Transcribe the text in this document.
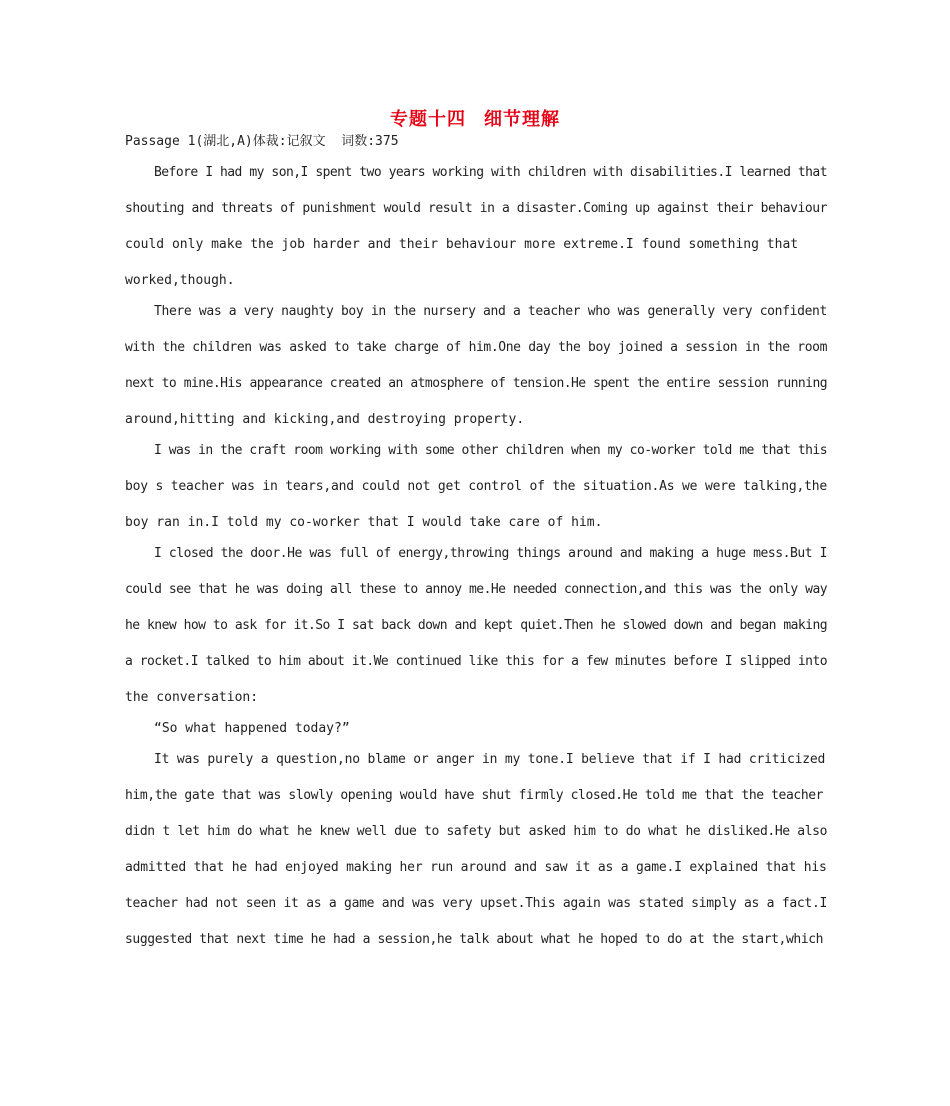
专题十四 细节理解
Passage 1(湖北,A)体裁:记叙文  词数:375
Before I had my son,I spent two years working with children with disabilities.I learned that
shouting and threats of punishment would result in a disaster.Coming up against their behaviour
could only make the job harder and their behaviour more extreme.I found something that
worked,though.
There was a very naughty boy in the nursery and a teacher who was generally very confident
with the children was asked to take charge of him.One day the boy joined a session in the room
next to mine.His appearance created an atmosphere of tension.He spent the entire session running
around,hitting and kicking,and destroying property.
I was in the craft room working with some other children when my co-worker told me that this
boy s teacher was in tears,and could not get control of the situation.As we were talking,the
boy ran in.I told my co-worker that I would take care of him.
I closed the door.He was full of energy,throwing things around and making a huge mess.But I
could see that he was doing all these to annoy me.He needed connection,and this was the only way
he knew how to ask for it.So I sat back down and kept quiet.Then he slowed down and began making
a rocket.I talked to him about it.We continued like this for a few minutes before I slipped into
the conversation:
“So what happened today?”
It was purely a question,no blame or anger in my tone.I believe that if I had criticized
him,the gate that was slowly opening would have shut firmly closed.He told me that the teacher
didn t let him do what he knew well due to safety but asked him to do what he disliked.He also
admitted that he had enjoyed making her run around and saw it as a game.I explained that his
teacher had not seen it as a game and was very upset.This again was stated simply as a fact.I
suggested that next time he had a session,he talk about what he hoped to do at the start,which
